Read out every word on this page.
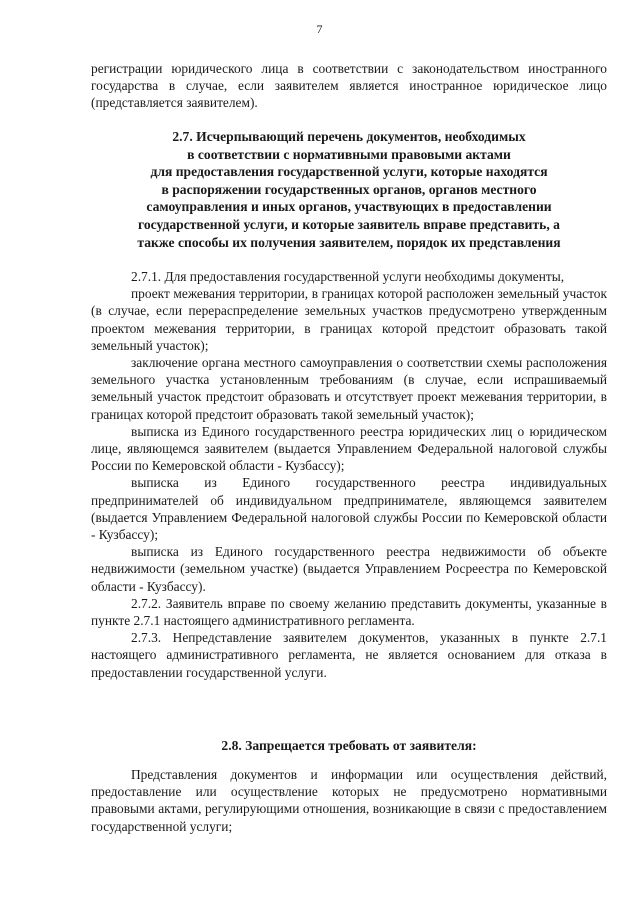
7

регистрации юридического лица в соответствии с законодательством иностранного государства в случае, если заявителем является иностранное юридическое лицо (представляется заявителем).

2.7. Исчерпывающий перечень документов, необходимых
в соответствии с нормативными правовыми актами
для предоставления государственной услуги, которые находятся
в распоряжении государственных органов, органов местного
самоуправления и иных органов, участвующих в предоставлении
государственной услуги, и которые заявитель вправе представить, а
также способы их получения заявителем, порядок их представления

2.7.1. Для предоставления государственной услуги необходимы документы,

проект межевания территории, в границах которой расположен земельный участок (в случае, если перераспределение земельных участков предусмотрено утвержденным проектом межевания территории, в границах которой предстоит образовать такой земельный участок);

заключение органа местного самоуправления о соответствии схемы расположения земельного участка установленным требованиям (в случае, если испрашиваемый земельный участок предстоит образовать и отсутствует проект межевания территории, в границах которой предстоит образовать такой земельный участок);

выписка из Единого государственного реестра юридических лиц о юридическом лице, являющемся заявителем (выдается Управлением Федеральной налоговой службы России по Кемеровской области - Кузбассу);

выписка из Единого государственного реестра индивидуальных предпринимателей об индивидуальном предпринимателе, являющемся заявителем (выдается Управлением Федеральной налоговой службы России по Кемеровской области - Кузбассу);

выписка из Единого государственного реестра недвижимости об объекте недвижимости (земельном участке) (выдается Управлением Росреестра по Кемеровской области - Кузбассу).

2.7.2. Заявитель вправе по своему желанию представить документы, указанные в пункте 2.7.1 настоящего административного регламента.

2.7.3. Непредставление заявителем документов, указанных в пункте 2.7.1 настоящего административного регламента, не является основанием для отказа в предоставлении государственной услуги.

2.8. Запрещается требовать от заявителя:

Представления документов и информации или осуществления действий, предоставление или осуществление которых не предусмотрено нормативными правовыми актами, регулирующими отношения, возникающие в связи с предоставлением государственной услуги;
